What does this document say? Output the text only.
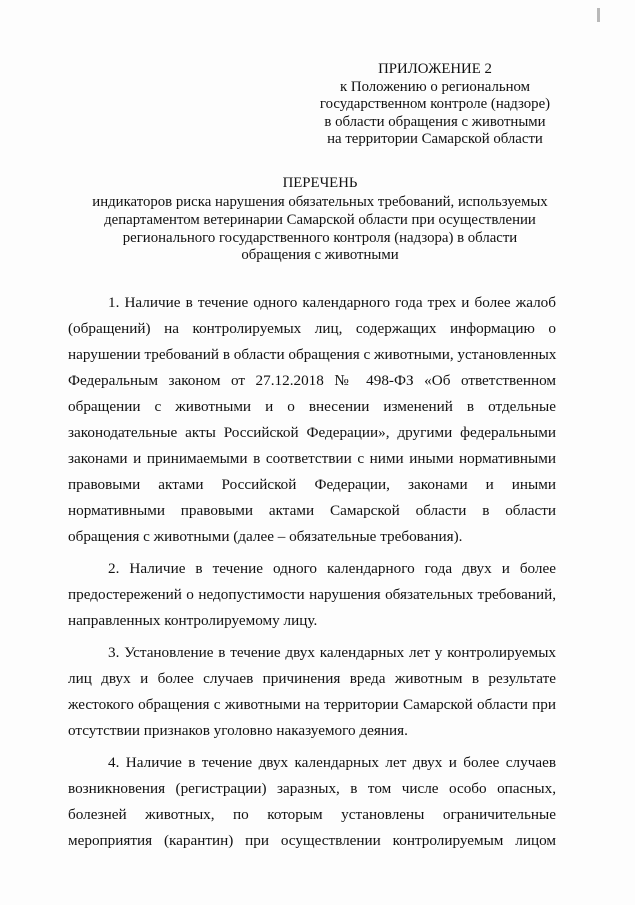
ПРИЛОЖЕНИЕ 2
к Положению о региональном
государственном контроле (надзоре)
в области обращения с животными
на территории Самарской области
ПЕРЕЧЕНЬ
индикаторов риска нарушения обязательных требований, используемых
департаментом ветеринарии Самарской области при осуществлении
регионального государственного контроля (надзора) в области
обращения с животными
1. Наличие в течение одного календарного года трех и более жалоб
(обращений) на контролируемых лиц, содержащих информацию о
нарушении требований в области обращения с животными, установленных
Федеральным законом от 27.12.2018 № 498-ФЗ «Об ответственном
обращении с животными и о внесении изменений в отдельные
законодательные акты Российской Федерации», другими федеральными
законами и принимаемыми в соответствии с ними иными нормативными
правовыми актами Российской Федерации, законами и иными
нормативными правовыми актами Самарской области в области
обращения с животными (далее – обязательные требования).
2. Наличие в течение одного календарного года двух и более
предостережений о недопустимости нарушения обязательных требований,
направленных контролируемому лицу.
3. Установление в течение двух календарных лет у контролируемых
лиц двух и более случаев причинения вреда животным в результате
жестокого обращения с животными на территории Самарской области при
отсутствии признаков уголовно наказуемого деяния.
4. Наличие в течение двух календарных лет двух и более случаев
возникновения (регистрации) заразных, в том числе особо опасных,
болезней животных, по которым установлены ограничительные
мероприятия (карантин) при осуществлении контролируемым лицом
